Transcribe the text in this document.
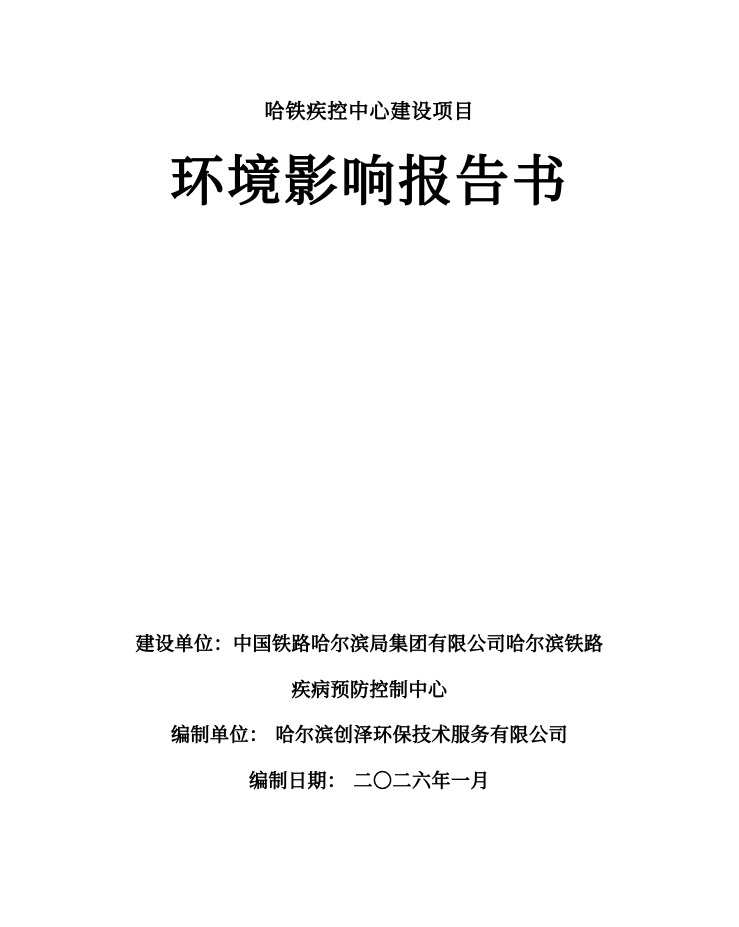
哈铁疾控中心建设项目
环境影响报告书
建设单位：中国铁路哈尔滨局集团有限公司哈尔滨铁路
疾病预防控制中心
编制单位： 哈尔滨创泽环保技术服务有限公司
编制日期： 二〇二六年一月
